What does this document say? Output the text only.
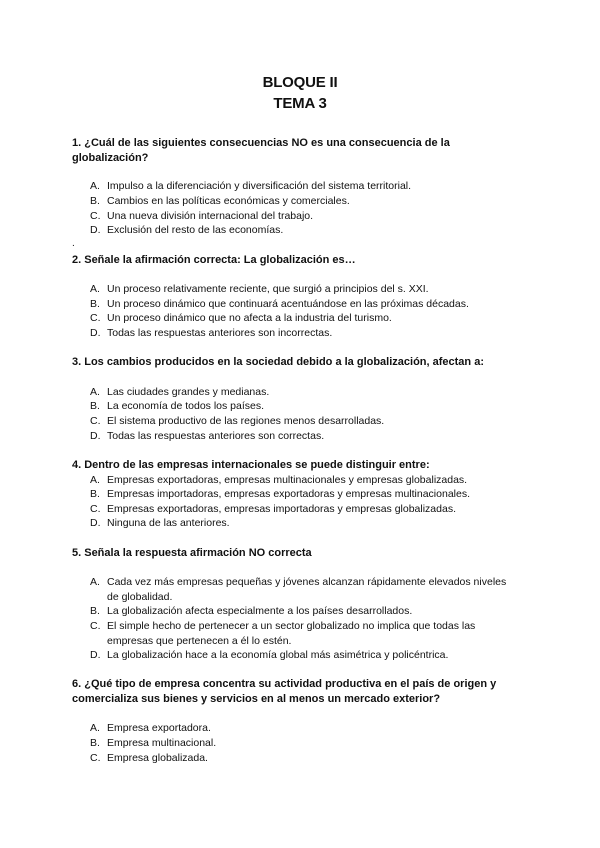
BLOQUE II
TEMA 3
1. ¿Cuál de las siguientes consecuencias NO es una consecuencia de la globalización?
A. Impulso a la diferenciación y diversificación del sistema territorial.
B. Cambios en las políticas económicas y comerciales.
C. Una nueva división internacional del trabajo.
D. Exclusión del resto de las economías.
.
2. Señale la afirmación correcta: La globalización es…
A. Un proceso relativamente reciente, que surgió a principios del s. XXI.
B. Un proceso dinámico que continuará acentuándose en las próximas décadas.
C. Un proceso dinámico que no afecta a la industria del turismo.
D. Todas las respuestas anteriores son incorrectas.
3. Los cambios producidos en la sociedad debido a la globalización, afectan a:
A. Las ciudades grandes y medianas.
B. La economía de todos los países.
C. El sistema productivo de las regiones menos desarrolladas.
D. Todas las respuestas anteriores son correctas.
4. Dentro de las empresas internacionales se puede distinguir entre:
A. Empresas exportadoras, empresas multinacionales y empresas globalizadas.
B. Empresas importadoras, empresas exportadoras y empresas multinacionales.
C. Empresas exportadoras, empresas importadoras y empresas globalizadas.
D. Ninguna de las anteriores.
5. Señala la respuesta afirmación NO correcta
A. Cada vez más empresas pequeñas y jóvenes alcanzan rápidamente elevados niveles de globalidad.
B. La globalización afecta especialmente a los países desarrollados.
C. El simple hecho de pertenecer a un sector globalizado no implica que todas las empresas que pertenecen a él lo estén.
D. La globalización hace a la economía global más asimétrica y policéntrica.
6. ¿Qué tipo de empresa concentra su actividad productiva en el país de origen y comercializa sus bienes y servicios en al menos un mercado exterior?
A. Empresa exportadora.
B. Empresa multinacional.
C. Empresa globalizada.
